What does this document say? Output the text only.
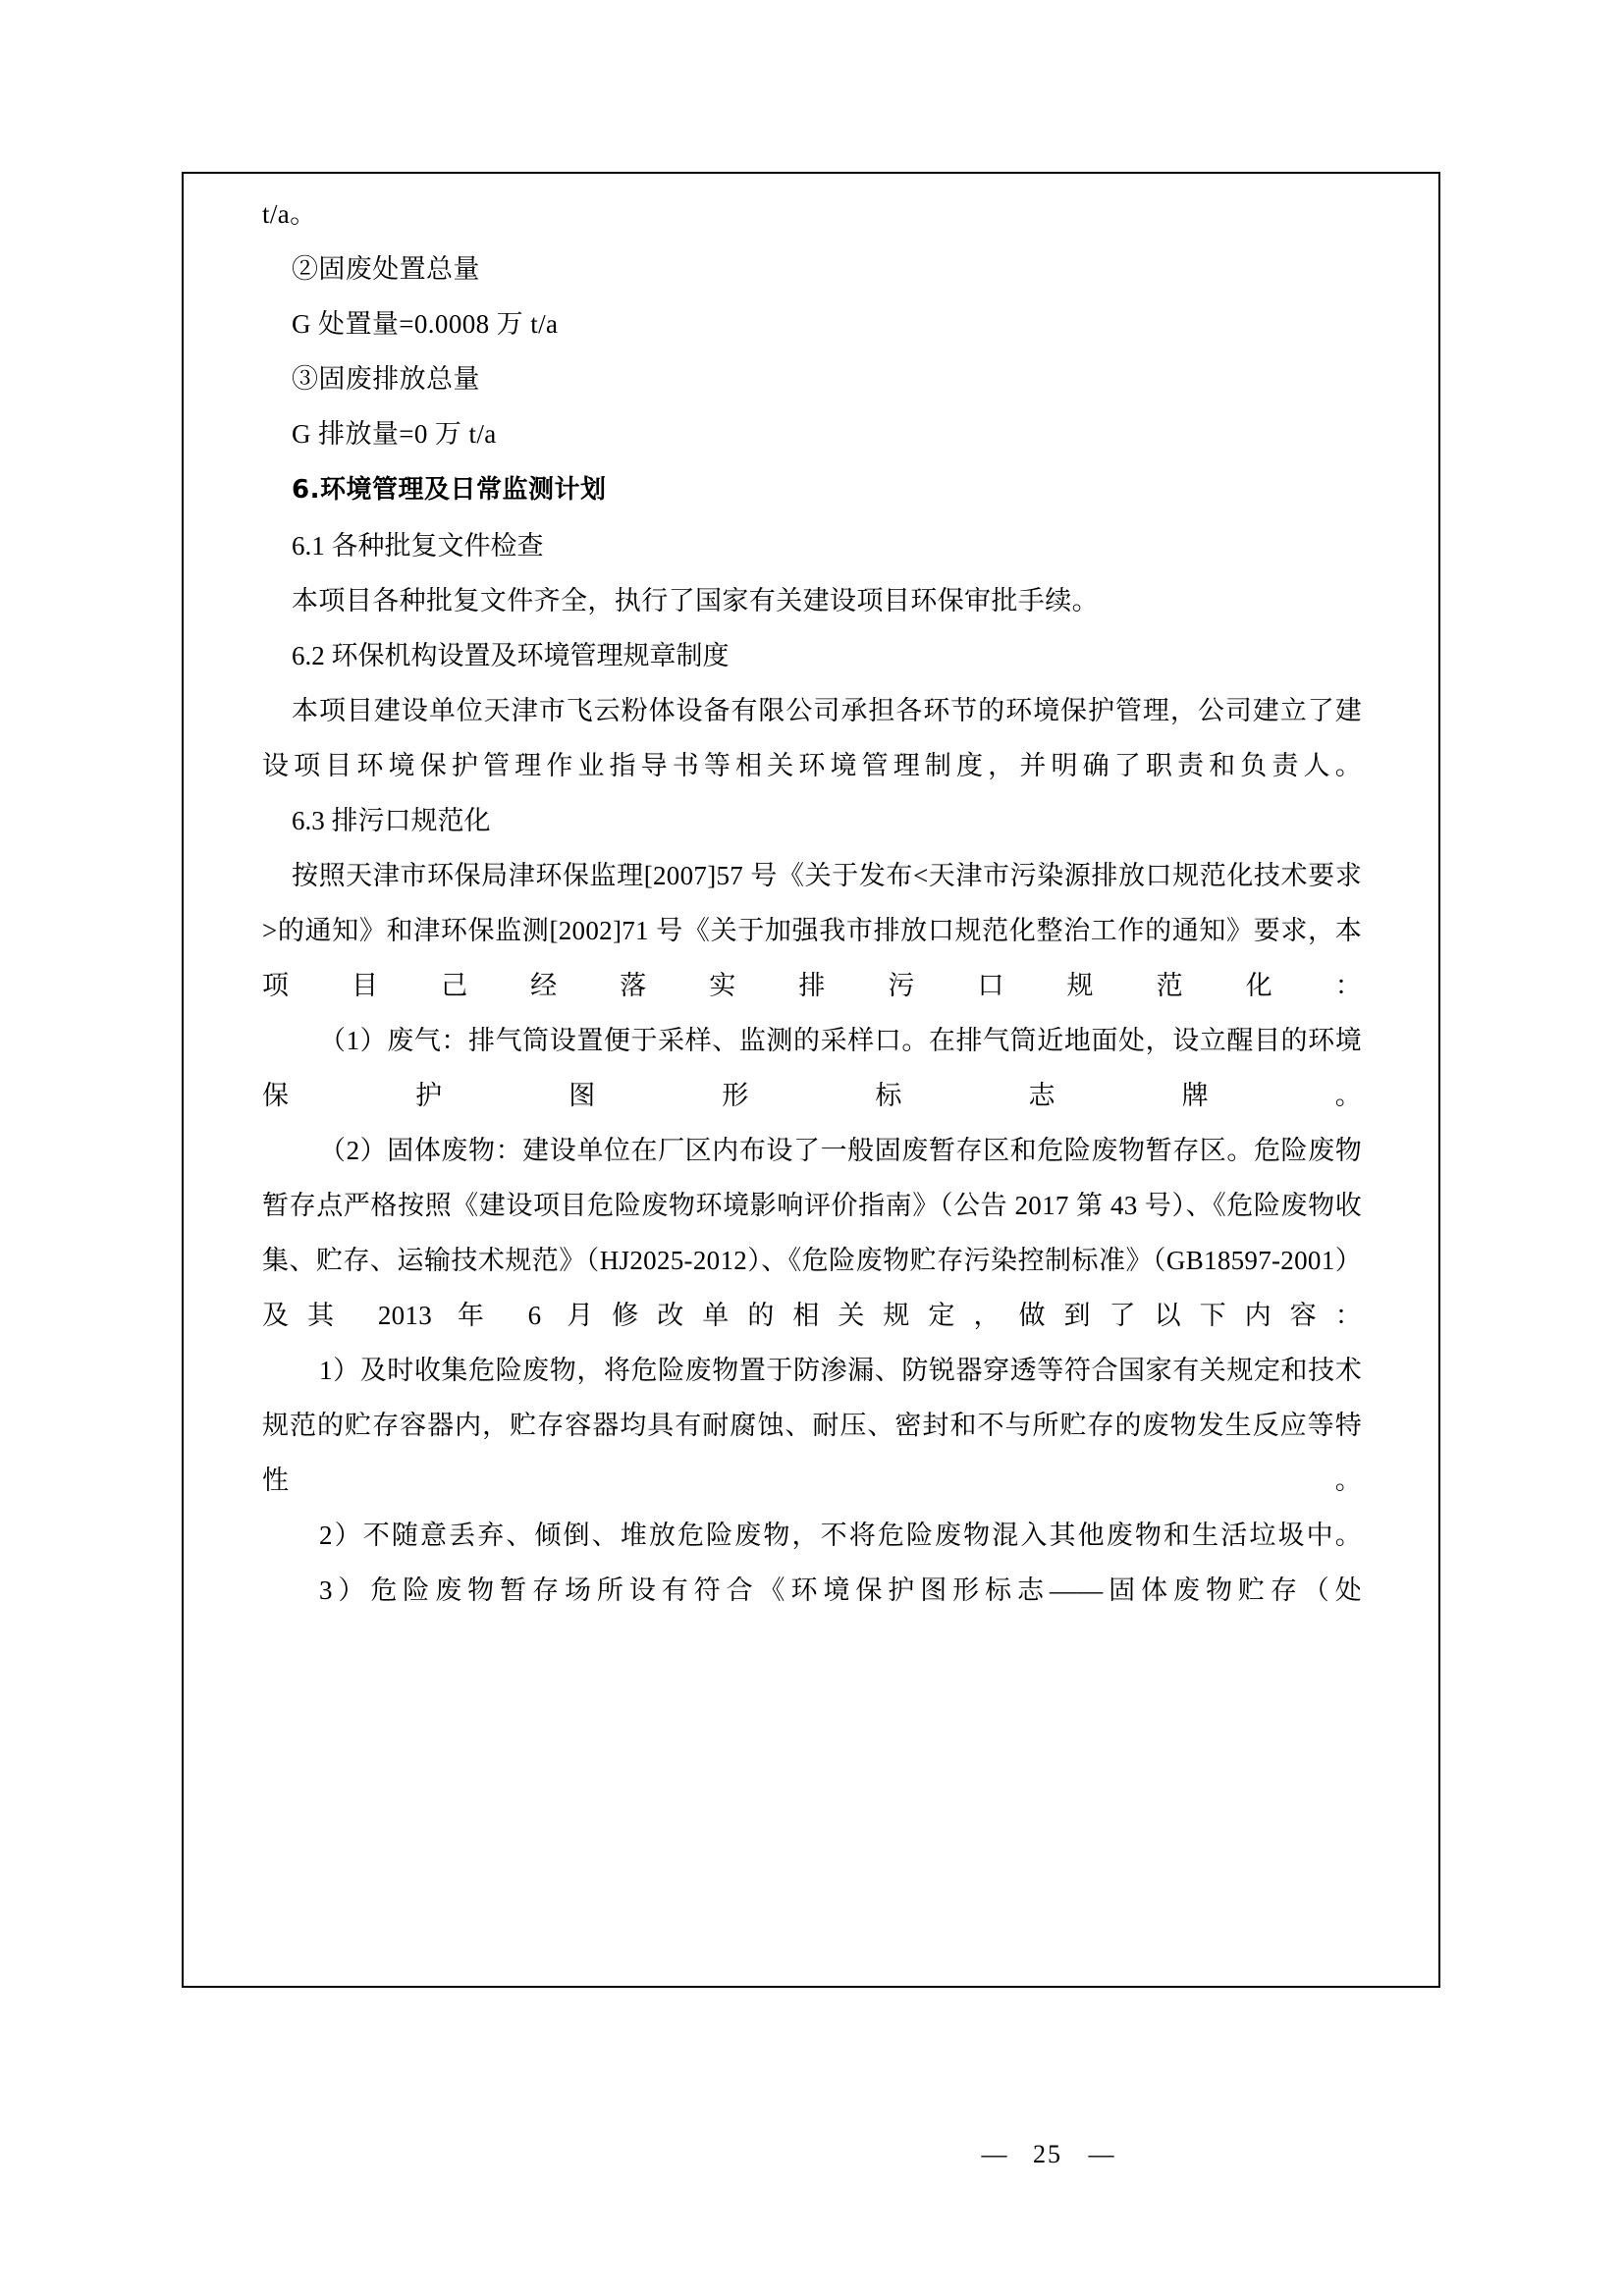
t/a。
②固废处置总量
G 处置量=0.0008 万 t/a
③固废排放总量
G 排放量=0 万 t/a
6.环境管理及日常监测计划
6.1 各种批复文件检查
本项目各种批复文件齐全，执行了国家有关建设项目环保审批手续。
6.2 环保机构设置及环境管理规章制度
本项目建设单位天津市飞云粉体设备有限公司承担各环节的环境保护管理，公司建立了建设项目环境保护管理作业指导书等相关环境管理制度，并明确了职责和负责人。
6.3 排污口规范化
按照天津市环保局津环保监理[2007]57 号《关于发布<天津市污染源排放口规范化技术要求>的通知》和津环保监测[2002]71 号《关于加强我市排放口规范化整治工作的通知》要求，本项目己经落实排污口规范化：
（1）废气：排气筒设置便于采样、监测的采样口。在排气筒近地面处，设立醒目的环境保护图形标志牌。
（2）固体废物：建设单位在厂区内布设了一般固废暂存区和危险废物暂存区。危险废物暂存点严格按照《建设项目危险废物环境影响评价指南》（公告 2017 第 43 号）、《危险废物收集、贮存、运输技术规范》（HJ2025-2012）、《危险废物贮存污染控制标准》（GB18597-2001）及其 2013 年 6 月修改单的相关规定，做到了以下内容：
1）及时收集危险废物，将危险废物置于防渗漏、防锐器穿透等符合国家有关规定和技术规范的贮存容器内，贮存容器均具有耐腐蚀、耐压、密封和不与所贮存的废物发生反应等特性。
2）不随意丢弃、倾倒、堆放危险废物，不将危险废物混入其他废物和生活垃圾中。
3）危险废物暂存场所设有符合《环境保护图形标志——固体废物贮存（处
— 25 —
